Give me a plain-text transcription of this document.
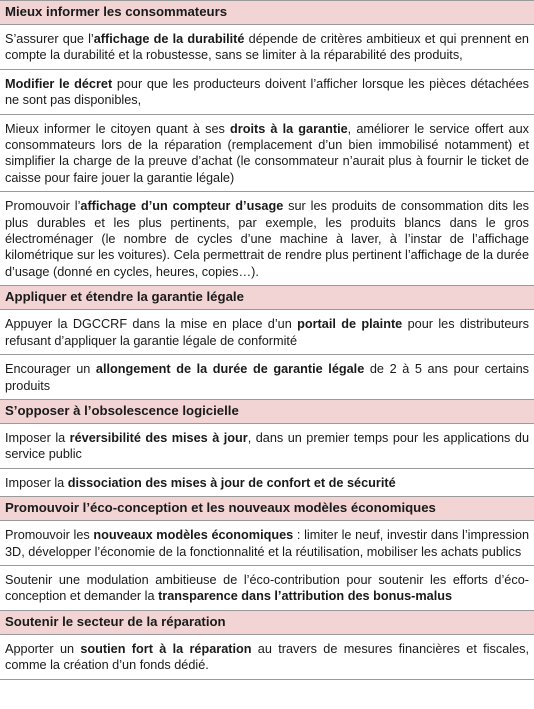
Mieux informer les consommateurs
S’assurer que l’affichage de la durabilité dépende de critères ambitieux et qui prennent en compte la durabilité et la robustesse, sans se limiter à la réparabilité des produits,
Modifier le décret pour que les producteurs doivent l’afficher lorsque les pièces détachées ne sont pas disponibles,
Mieux informer le citoyen quant à ses droits à la garantie, améliorer le service offert aux consommateurs lors de la réparation (remplacement d’un bien immobilisé notamment) et simplifier la charge de la preuve d’achat (le consommateur n’aurait plus à fournir le ticket de caisse pour faire jouer la garantie légale)
Promouvoir l’affichage d’un compteur d’usage sur les produits de consommation dits les plus durables et les plus pertinents, par exemple, les produits blancs dans le gros électroménager (le nombre de cycles d’une machine à laver, à l’instar de l’affichage kilométrique sur les voitures). Cela permettrait de rendre plus pertinent l’affichage de la durée d’usage (donné en cycles, heures, copies…).
Appliquer et étendre la garantie légale
Appuyer la DGCCRF dans la mise en place d’un portail de plainte pour les distributeurs refusant d’appliquer la garantie légale de conformité
Encourager un allongement de la durée de garantie légale de 2 à 5 ans pour certains produits
S’opposer à l’obsolescence logicielle
Imposer la réversibilité des mises à jour, dans un premier temps pour les applications du service public
Imposer la dissociation des mises à jour de confort et de sécurité
Promouvoir l’éco-conception et les nouveaux modèles économiques
Promouvoir les nouveaux modèles économiques : limiter le neuf, investir dans l’impression 3D, développer l’économie de la fonctionnalité et la réutilisation, mobiliser les achats publics
Soutenir une modulation ambitieuse de l’éco-contribution pour soutenir les efforts d’éco-conception et demander la transparence dans l’attribution des bonus-malus
Soutenir le secteur de la réparation
Apporter un soutien fort à la réparation au travers de mesures financières et fiscales, comme la création d’un fonds dédié.
